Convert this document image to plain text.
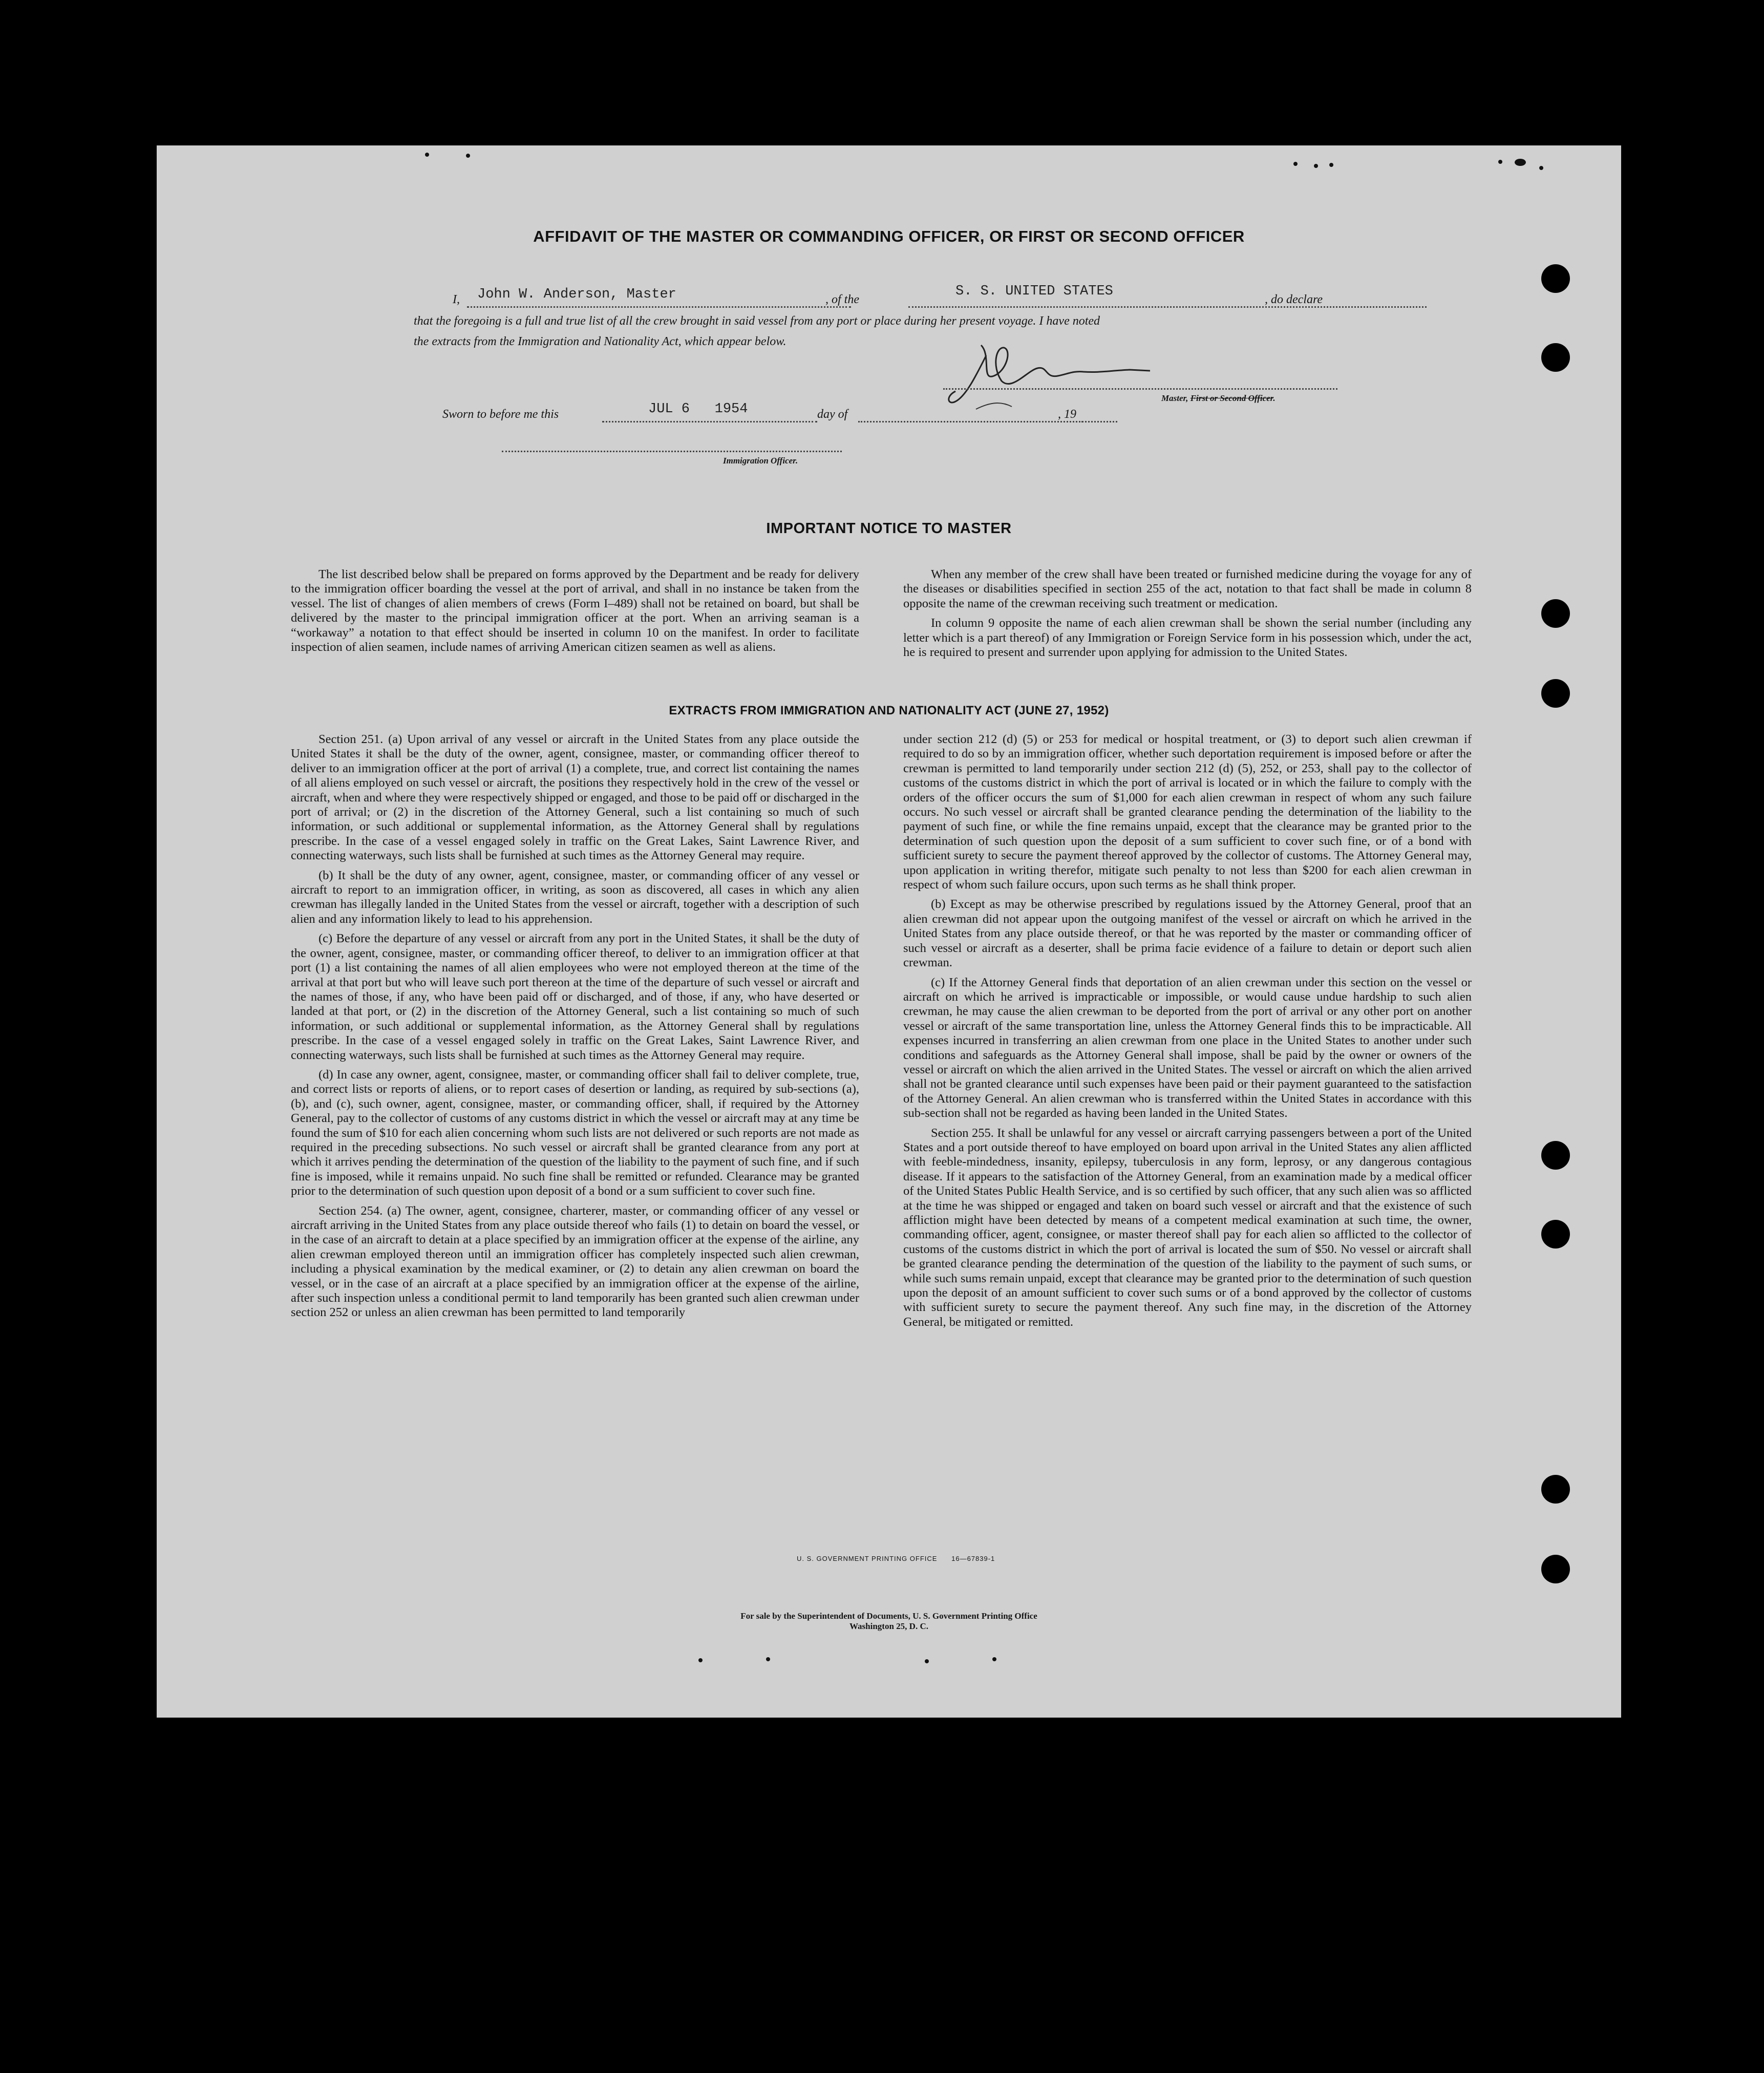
AFFIDAVIT OF THE MASTER OR COMMANDING OFFICER, OR FIRST OR SECOND OFFICER
I, John W. Anderson, Master	, of the
S. S. UNITED STATES
, do declare
that the foregoing is a full and true list of all the crew brought in said vessel from any port or place during her present voyage. I have noted
the extracts from the Immigration and Nationality Act, which appear below.
Master, First or Second Officer.
Sworn to before me this	JUL 6   1954	day of	, 19
Immigration Officer.
IMPORTANT NOTICE TO MASTER

The list described below shall be prepared on forms approved by the Department and be ready for delivery to the immigration officer boarding the vessel at the port of arrival, and shall in no instance be taken from the vessel. The list of changes of alien members of crews (Form I–489) shall not be retained on board, but shall be delivered by the master to the principal immigration officer at the port. When an arriving seaman is a “workaway” a notation to that effect should be inserted in column 10 on the manifest. In order to facilitate inspection of alien seamen, include names of arriving American citizen seamen as well as aliens.

When any member of the crew shall have been treated or furnished medicine during the voyage for any of the diseases or disabilities specified in section 255 of the act, notation to that fact shall be made in column 8 opposite the name of the crewman receiving such treatment or medication.

In column 9 opposite the name of each alien crewman shall be shown the serial number (including any letter which is a part thereof) of any Immigration or Foreign Service form in his possession which, under the act, he is required to present and surrender upon applying for admission to the United States.

EXTRACTS FROM IMMIGRATION AND NATIONALITY ACT (JUNE 27, 1952)

Section 251. (a) Upon arrival of any vessel or aircraft in the United States from any place outside the United States it shall be the duty of the owner, agent, consignee, master, or commanding officer thereof to deliver to an immigration officer at the port of arrival (1) a complete, true, and correct list containing the names of all aliens employed on such vessel or aircraft, the positions they respectively hold in the crew of the vessel or aircraft, when and where they were respectively shipped or engaged, and those to be paid off or discharged in the port of arrival; or (2) in the discretion of the Attorney General, such a list containing so much of such information, or such additional or supplemental information, as the Attorney General shall by regulations prescribe. In the case of a vessel engaged solely in traffic on the Great Lakes, Saint Lawrence River, and connecting waterways, such lists shall be furnished at such times as the Attorney General may require.

(b) It shall be the duty of any owner, agent, consignee, master, or commanding officer of any vessel or aircraft to report to an immigration officer, in writing, as soon as discovered, all cases in which any alien crewman has illegally landed in the United States from the vessel or aircraft, together with a description of such alien and any information likely to lead to his apprehension.

(c) Before the departure of any vessel or aircraft from any port in the United States, it shall be the duty of the owner, agent, consignee, master, or commanding officer thereof, to deliver to an immigration officer at that port (1) a list containing the names of all alien employees who were not employed thereon at the time of the arrival at that port but who will leave such port thereon at the time of the departure of such vessel or aircraft and the names of those, if any, who have been paid off or discharged, and of those, if any, who have deserted or landed at that port, or (2) in the discretion of the Attorney General, such a list containing so much of such information, or such additional or supplemental information, as the Attorney General shall by regulations prescribe. In the case of a vessel engaged solely in traffic on the Great Lakes, Saint Lawrence River, and connecting waterways, such lists shall be furnished at such times as the Attorney General may require.

(d) In case any owner, agent, consignee, master, or commanding officer shall fail to deliver complete, true, and correct lists or reports of aliens, or to report cases of desertion or landing, as required by sub-sections (a), (b), and (c), such owner, agent, consignee, master, or commanding officer, shall, if required by the Attorney General, pay to the collector of customs of any customs district in which the vessel or aircraft may at any time be found the sum of $10 for each alien concerning whom such lists are not delivered or such reports are not made as required in the preceding subsections. No such vessel or aircraft shall be granted clearance from any port at which it arrives pending the determination of the question of the liability to the payment of such fine, and if such fine is imposed, while it remains unpaid. No such fine shall be remitted or refunded. Clearance may be granted prior to the determination of such question upon deposit of a bond or a sum sufficient to cover such fine.

Section 254. (a) The owner, agent, consignee, charterer, master, or commanding officer of any vessel or aircraft arriving in the United States from any place outside thereof who fails (1) to detain on board the vessel, or in the case of an aircraft to detain at a place specified by an immigration officer at the expense of the airline, any alien crewman employed thereon until an immigration officer has completely inspected such alien crewman, including a physical examination by the medical examiner, or (2) to detain any alien crewman on board the vessel, or in the case of an aircraft at a place specified by an immigration officer at the expense of the airline, after such inspection unless a conditional permit to land temporarily has been granted such alien crewman under section 252 or unless an alien crewman has been permitted to land temporarily

under section 212 (d) (5) or 253 for medical or hospital treatment, or (3) to deport such alien crewman if required to do so by an immigration officer, whether such deportation requirement is imposed before or after the crewman is permitted to land temporarily under section 212 (d) (5), 252, or 253, shall pay to the collector of customs of the customs district in which the port of arrival is located or in which the failure to comply with the orders of the officer occurs the sum of $1,000 for each alien crewman in respect of whom any such failure occurs. No such vessel or aircraft shall be granted clearance pending the determination of the liability to the payment of such fine, or while the fine remains unpaid, except that the clearance may be granted prior to the determination of such question upon the deposit of a sum sufficient to cover such fine, or of a bond with sufficient surety to secure the payment thereof approved by the collector of customs. The Attorney General may, upon application in writing therefor, mitigate such penalty to not less than $200 for each alien crewman in respect of whom such failure occurs, upon such terms as he shall think proper.

(b) Except as may be otherwise prescribed by regulations issued by the Attorney General, proof that an alien crewman did not appear upon the outgoing manifest of the vessel or aircraft on which he arrived in the United States from any place outside thereof, or that he was reported by the master or commanding officer of such vessel or aircraft as a deserter, shall be prima facie evidence of a failure to detain or deport such alien crewman.

(c) If the Attorney General finds that deportation of an alien crewman under this section on the vessel or aircraft on which he arrived is impracticable or impossible, or would cause undue hardship to such alien crewman, he may cause the alien crewman to be deported from the port of arrival or any other port on another vessel or aircraft of the same transportation line, unless the Attorney General finds this to be impracticable. All expenses incurred in transferring an alien crewman from one place in the United States to another under such conditions and safeguards as the Attorney General shall impose, shall be paid by the owner or owners of the vessel or aircraft on which the alien arrived in the United States. The vessel or aircraft on which the alien arrived shall not be granted clearance until such expenses have been paid or their payment guaranteed to the satisfaction of the Attorney General. An alien crewman who is transferred within the United States in accordance with this sub-section shall not be regarded as having been landed in the United States.

Section 255. It shall be unlawful for any vessel or aircraft carrying passengers between a port of the United States and a port outside thereof to have employed on board upon arrival in the United States any alien afflicted with feeble-mindedness, insanity, epilepsy, tuberculosis in any form, leprosy, or any dangerous contagious disease. If it appears to the satisfaction of the Attorney General, from an examination made by a medical officer of the United States Public Health Service, and is so certified by such officer, that any such alien was so afflicted at the time he was shipped or engaged and taken on board such vessel or aircraft and that the existence of such affliction might have been detected by means of a competent medical examination at such time, the owner, commanding officer, agent, consignee, or master thereof shall pay for each alien so afflicted to the collector of customs of the customs district in which the port of arrival is located the sum of $50. No vessel or aircraft shall be granted clearance pending the determination of the question of the liability to the payment of such sums, or while such sums remain unpaid, except that clearance may be granted prior to the determination of such question upon the deposit of an amount sufficient to cover such sums or of a bond approved by the collector of customs with sufficient surety to secure the payment thereof. Any such fine may, in the discretion of the Attorney General, be mitigated or remitted.

U. S. GOVERNMENT PRINTING OFFICE      16—67839-1
For sale by the Superintendent of Documents, U. S. Government Printing Office
Washington 25, D. C.
